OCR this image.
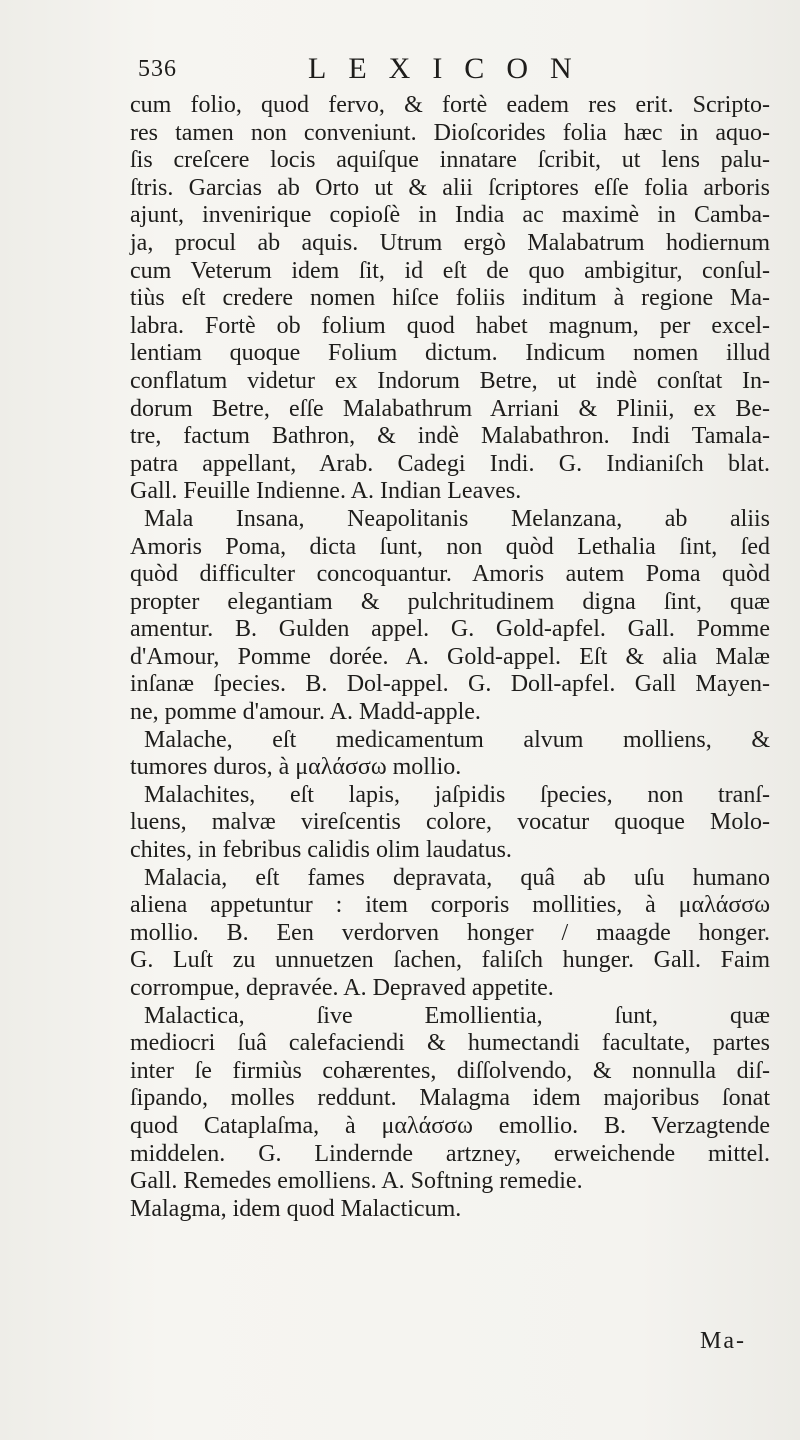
536	LEXICON
cum folio, quod fervo, & fortè eadem res erit. Scripto-
res tamen non conveniunt. Dioſcorides folia hæc in aquo-
ſis creſcere locis aquiſque innatare ſcribit, ut lens palu-
ſtris. Garcias ab Orto ut & alii ſcriptores eſſe folia arboris
ajunt, invenirique copioſè in India ac maximè in Camba-
ja, procul ab aquis. Utrum ergò Malabatrum hodiernum
cum Veterum idem ſit, id eſt de quo ambigitur, conſul-
tiùs eſt credere nomen hiſce foliis inditum à regione Ma-
labra. Fortè ob folium quod habet magnum, per excel-
lentiam quoque Folium dictum. Indicum nomen illud
conflatum videtur ex Indorum Betre, ut indè conſtat In-
dorum Betre, eſſe Malabathrum Arriani & Plinii, ex Be-
tre, factum Bathron, & indè Malabathron. Indi Tamala-
patra appellant, Arab. Cadegi Indi. G. Indianiſch blat.
Gall. Feuille Indienne. A. Indian Leaves.
Mala Insana, Neapolitanis Melanzana, ab aliis
Amoris Poma, dicta ſunt, non quòd Lethalia ſint, ſed
quòd difficulter concoquantur. Amoris autem Poma quòd
propter elegantiam & pulchritudinem digna ſint, quæ
amentur. B. Gulden appel. G. Gold-apfel. Gall. Pomme
d'Amour, Pomme dorée. A. Gold-appel. Eſt & alia Malæ
inſanæ ſpecies. B. Dol-appel. G. Doll-apfel. Gall Mayen-
ne, pomme d'amour. A. Madd-apple.
Malache, eſt medicamentum alvum molliens, &
tumores duros, à μαλάσσω mollio.
Malachites, eſt lapis, jaſpidis ſpecies, non tranſ-
luens, malvæ vireſcentis colore, vocatur quoque Molo-
chites, in febribus calidis olim laudatus.
Malacia, eſt fames depravata, quâ ab uſu humano
aliena appetuntur : item corporis mollities, à μαλάσσω
mollio. B. Een verdorven honger / maagde honger.
G. Luſt zu unnuetzen ſachen, faliſch hunger. Gall. Faim
corrompue, depravée. A. Depraved appetite.
Malactica, ſive Emollientia, ſunt, quæ
mediocri ſuâ calefaciendi & humectandi facultate, partes
inter ſe firmiùs cohærentes, diſſolvendo, & nonnulla diſ-
ſipando, molles reddunt. Malagma idem majoribus ſonat
quod Cataplaſma, à μαλάσσω emollio. B. Verzagtende
middelen. G. Linderndе artzney, erweichende mittel.
Gall. Remedes emolliens. A. Softning remedie.
Malagma, idem quod Malacticum.
Ma-
